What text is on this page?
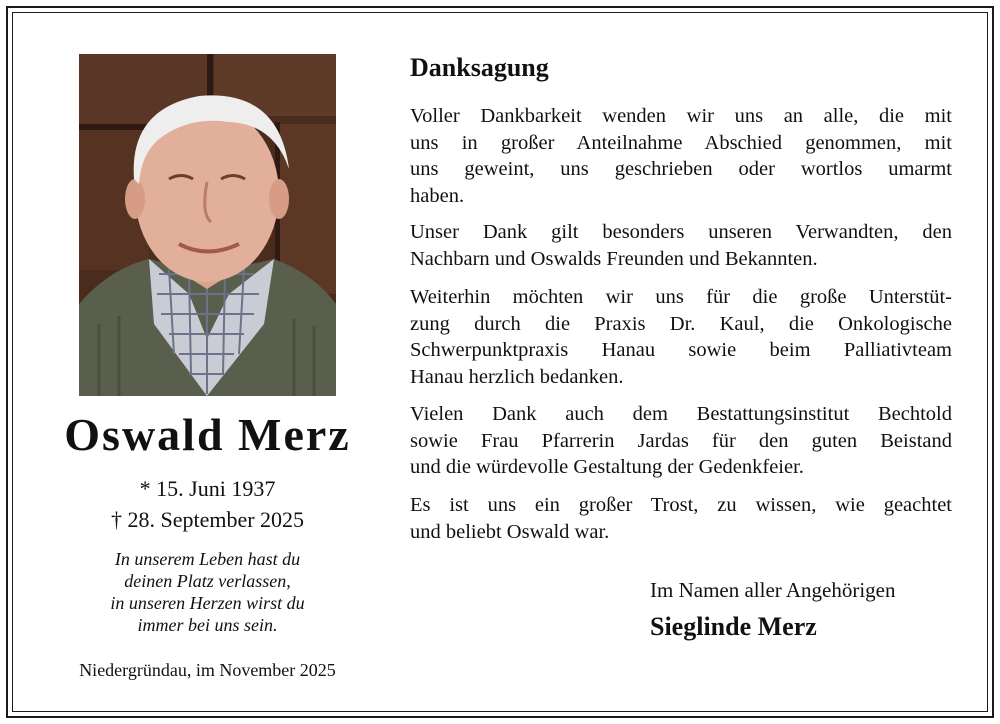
Oswald Merz
* 15. Juni 1937
† 28. September 2025
In unserem Leben hast du
deinen Platz verlassen,
in unseren Herzen wirst du
immer bei uns sein.
Niedergründau, im November 2025
Danksagung
Voller Dankbarkeit wenden wir uns an alle, die mit
uns in großer Anteilnahme Abschied genommen, mit
uns geweint, uns geschrieben oder wortlos umarmt
haben.
Unser Dank gilt besonders unseren Verwandten, den
Nachbarn und Oswalds Freunden und Bekannten.
Weiterhin möchten wir uns für die große Unterstüt-
zung durch die Praxis Dr. Kaul, die Onkologische
Schwerpunktpraxis Hanau sowie beim Palliativteam
Hanau herzlich bedanken.
Vielen Dank auch dem Bestattungsinstitut Bechtold
sowie Frau Pfarrerin Jardas für den guten Beistand
und die würdevolle Gestaltung der Gedenkfeier.
Es ist uns ein großer Trost, zu wissen, wie geachtet
und beliebt Oswald war.
Im Namen aller Angehörigen
Sieglinde Merz
